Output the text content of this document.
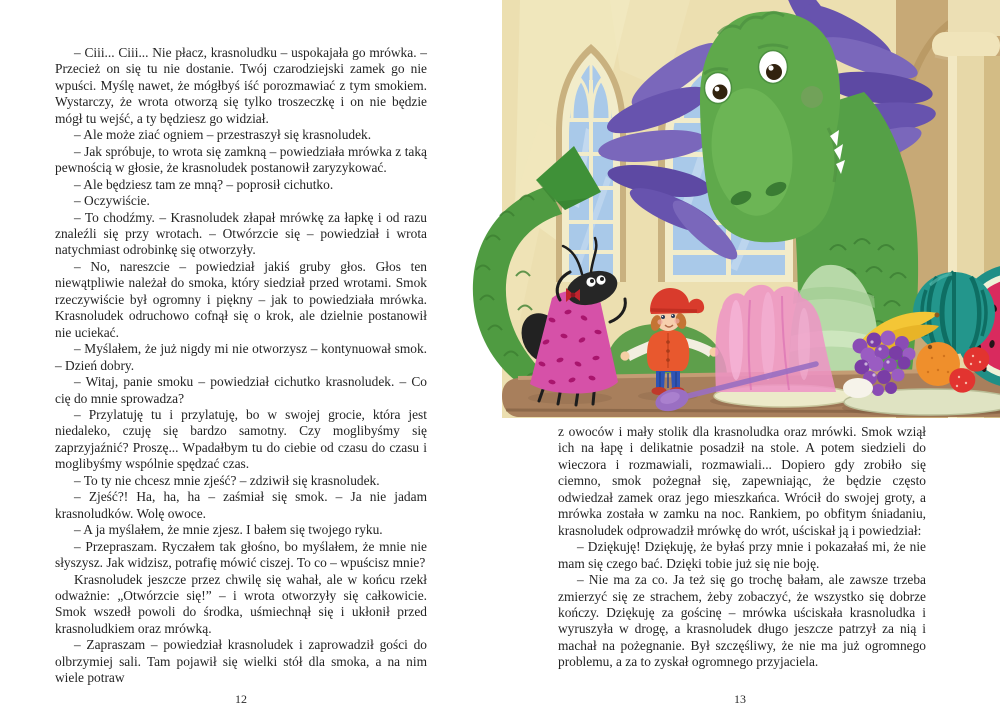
– Ciii... Ciii... Nie płacz, krasnoludku – uspokajała go mrówka. – Przecież on się tu nie dostanie. Twój czarodziejski zamek go nie wpuści. Myślę nawet, że mógłbyś iść porozmawiać z tym smokiem. Wystarczy, że wrota otworzą się tylko troszeczkę i on nie będzie mógł tu wejść, a ty będziesz go widział.

– Ale może ziać ogniem – przestraszył się krasnoludek.

– Jak spróbuje, to wrota się zamkną – powiedziała mrówka z taką pewnością w głosie, że krasnoludek postanowił zaryzykować.

– Ale będziesz tam ze mną? – poprosił cichutko.

– Oczywiście.

– To chodźmy. – Krasnoludek złapał mrówkę za łapkę i od razu znaleźli się przy wrotach. – Otwórzcie się – powiedział i wrota natychmiast odrobinkę się otworzyły.

– No, nareszcie – powiedział jakiś gruby głos. Głos ten niewątpliwie należał do smoka, który siedział przed wrotami. Smok rzeczywiście był ogromny i piękny – jak to powiedziała mrówka. Krasnoludek odruchowo cofnął się o krok, ale dzielnie postanowił nie uciekać.

– Myślałem, że już nigdy mi nie otworzysz – kontynuował smok. – Dzień dobry.

– Witaj, panie smoku – powiedział cichutko krasnoludek. – Co cię do mnie sprowadza?

– Przylatuję tu i przylatuję, bo w swojej grocie, która jest niedaleko, czuję się bardzo samotny. Czy moglibyśmy się zaprzyjaźnić? Proszę... Wpadałbym tu do ciebie od czasu do czasu i moglibyśmy wspólnie spędzać czas.

– To ty nie chcesz mnie zjeść? – zdziwił się krasnoludek.

– Zjeść?! Ha, ha, ha – zaśmiał się smok. – Ja nie jadam krasnoludków. Wolę owoce.

– A ja myślałem, że mnie zjesz. I bałem się twojego ryku.

– Przepraszam. Ryczałem tak głośno, bo myślałem, że mnie nie słyszysz. Jak widzisz, potrafię mówić ciszej. To co – wpuścisz mnie?

Krasnoludek jeszcze przez chwilę się wahał, ale w końcu rzekł odważnie: „Otwórzcie się!” – i wrota otworzyły się całkowicie. Smok wszedł powoli do środka, uśmiechnął się i ukłonił przed krasnoludkiem oraz mrówką.

– Zapraszam – powiedział krasnoludek i zaprowadził gości do olbrzymiej sali. Tam pojawił się wielki stół dla smoka, a na nim wiele potraw

12

z owoców i mały stolik dla krasnoludka oraz mrówki. Smok wziął ich na łapę i delikatnie posadził na stole. A potem siedzieli do wieczora i rozmawiali, rozmawiali... Dopiero gdy zrobiło się ciemno, smok pożegnał się, zapewniając, że będzie często odwiedzał zamek oraz jego mieszkańca. Wrócił do swojej groty, a mrówka została w zamku na noc. Rankiem, po obfitym śniadaniu, krasnoludek odprowadził mrówkę do wrót, uściskał ją i powiedział:

– Dziękuję! Dziękuję, że byłaś przy mnie i pokazałaś mi, że nie mam się czego bać. Dzięki tobie już się nie boję.

– Nie ma za co. Ja też się go trochę bałam, ale zawsze trzeba zmierzyć się ze strachem, żeby zobaczyć, że wszystko się dobrze kończy. Dziękuję za gościnę – mrówka uściskała krasnoludka i wyruszyła w drogę, a krasnoludek długo jeszcze patrzył za nią i machał na pożegnanie. Był szczęśliwy, że nie ma już ogromnego problemu, a za to zyskał ogromnego przyjaciela.

13
